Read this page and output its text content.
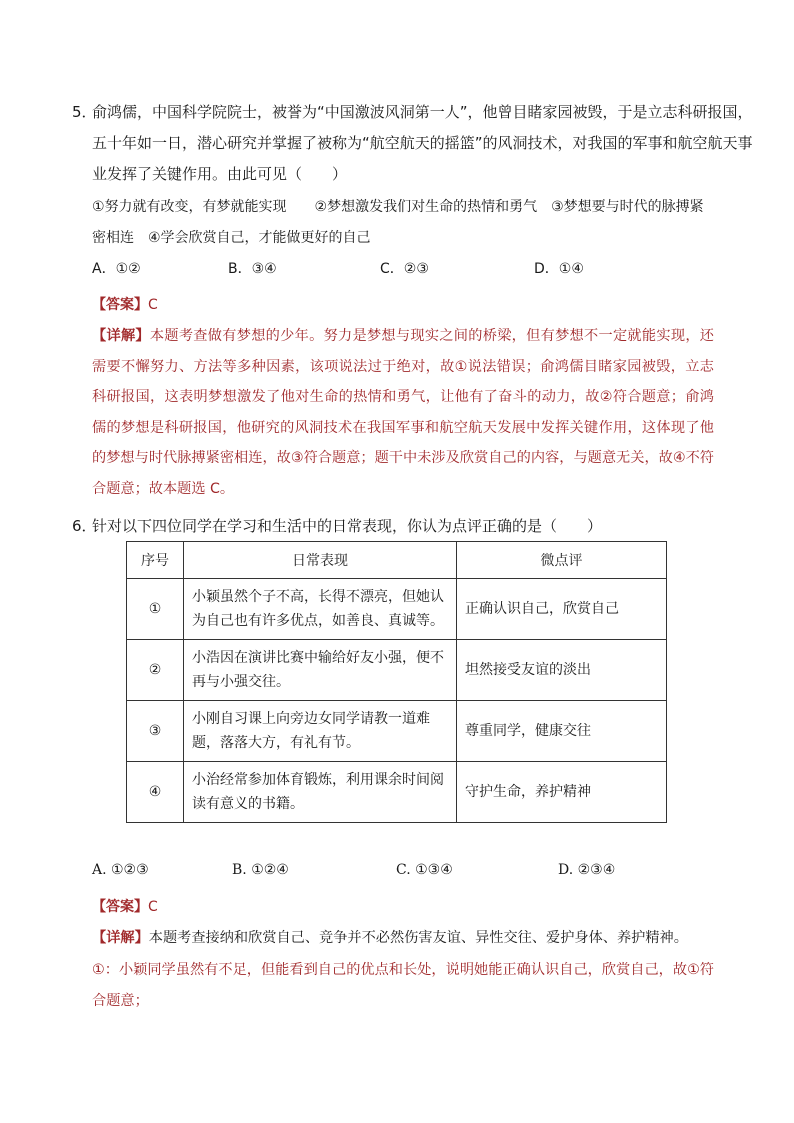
5．
俞鸿儒，中国科学院院士，被誉为“中国激波风洞第一人”，他曾目睹家园被毁，于是立志科研报国，五十年如一日，潜心研究并掌握了被称为“航空航天的摇篮”的风洞技术，对我国的军事和航空航天事业发挥了关键作用。由此可见（　　）
①努力就有改变，有梦就能实现　　②梦想激发我们对生命的热情和勇气　③梦想要与时代的脉搏紧
密相连　④学会欣赏自己，才能做更好的自己
A．①②	B．③④	C．②③	D．①④
【答案】C
【详解】本题考查做有梦想的少年。努力是梦想与现实之间的桥梁，但有梦想不一定就能实现，还需要不懈努力、方法等多种因素，该项说法过于绝对，故①说法错误；俞鸿儒目睹家园被毁，立志科研报国，这表明梦想激发了他对生命的热情和勇气，让他有了奋斗的动力，故②符合题意；俞鸿儒的梦想是科研报国，他研究的风洞技术在我国军事和航空航天发展中发挥关键作用，这体现了他的梦想与时代脉搏紧密相连，故③符合题意；题干中未涉及欣赏自己的内容，与题意无关，故④不符合题意；故本题选 C。
6．
针对以下四位同学在学习和生活中的日常表现，你认为点评正确的是（　　）
序号	日常表现	微点评
①	小颖虽然个子不高，长得不漂亮，但她认为自己也有许多优点，如善良、真诚等。	正确认识自己，欣赏自己
②	小浩因在演讲比赛中输给好友小强，便不再与小强交往。	坦然接受友谊的淡出
③	小刚自习课上向旁边女同学请教一道难题，落落大方，有礼有节。	尊重同学，健康交往
④	小治经常参加体育锻炼，利用课余时间阅读有意义的书籍。	守护生命，养护精神
A. ①②③	B. ①②④	C. ①③④	D. ②③④
【答案】C
【详解】本题考查接纳和欣赏自己、竞争并不必然伤害友谊、异性交往、爱护身体、养护精神。
①：小颖同学虽然有不足，但能看到自己的优点和长处，说明她能正确认识自己，欣赏自己，故①符合题意；
